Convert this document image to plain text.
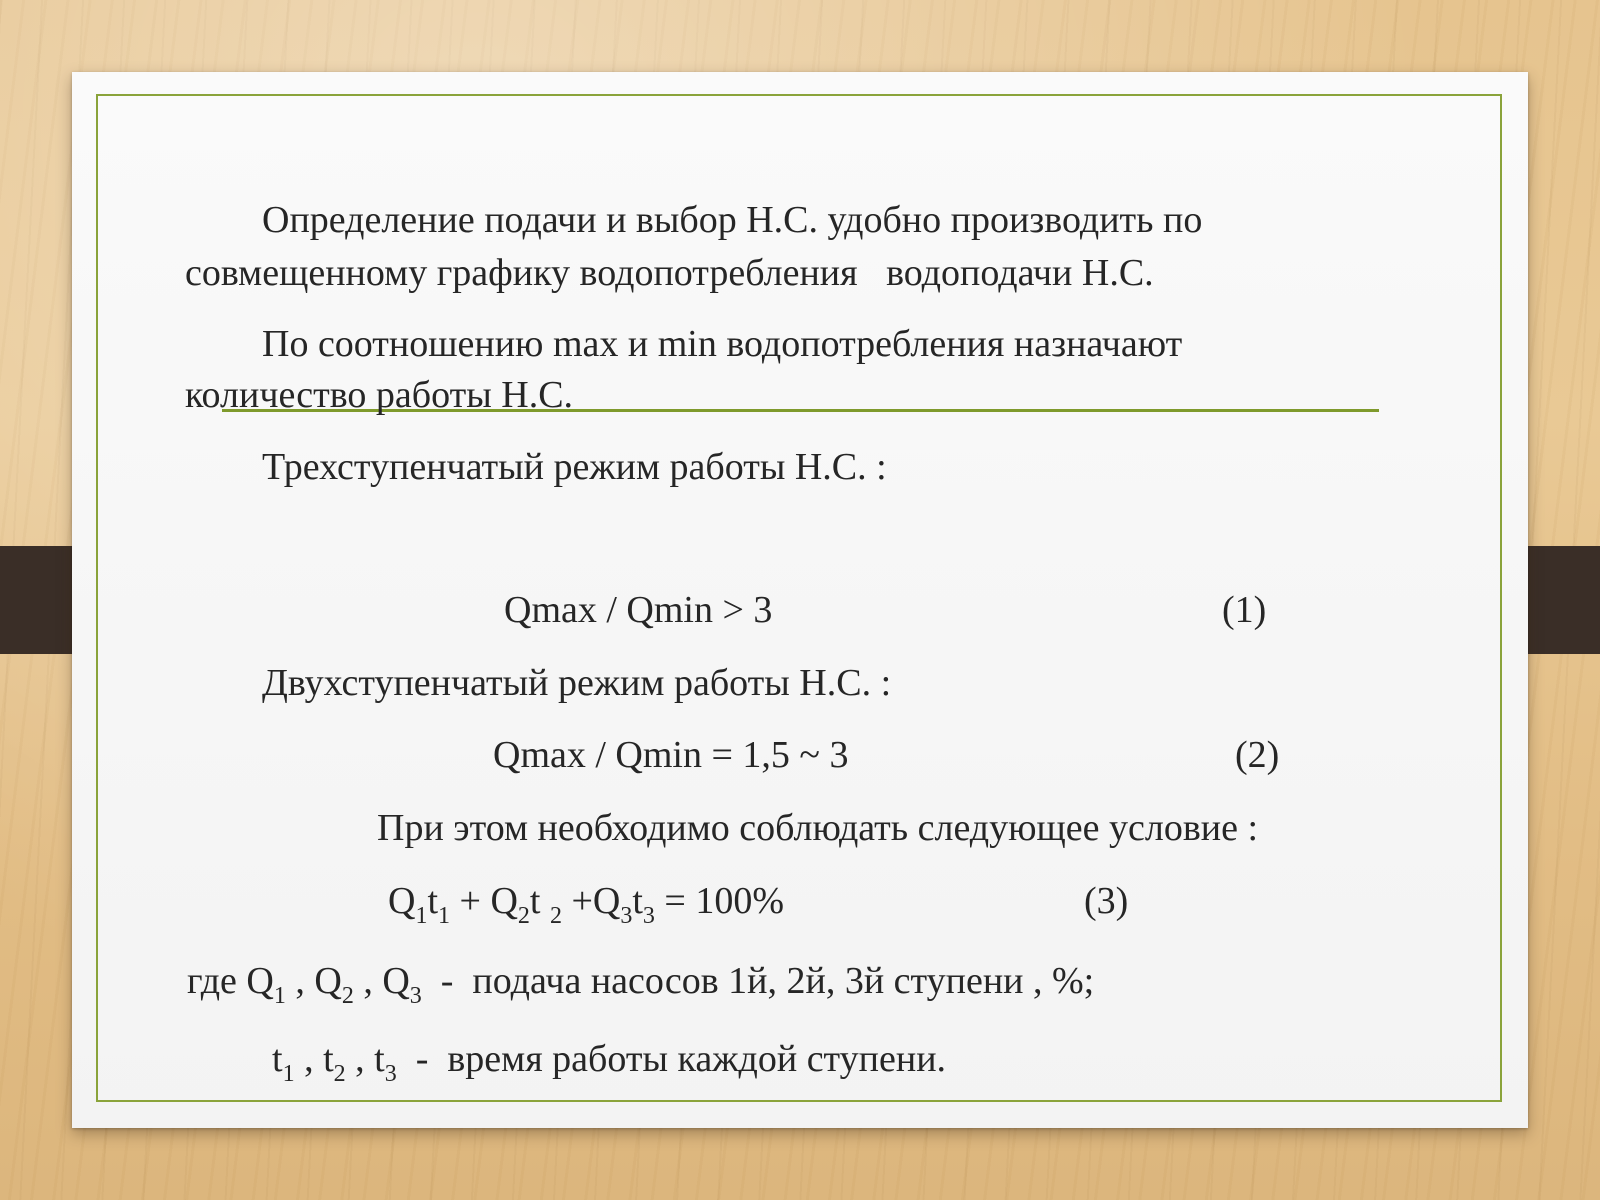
Определение подачи и выбор Н.С. удобно производить по

совмещенному графику водопотребления   водоподачи Н.С.

По соотношению max и min водопотребления назначают

количество работы Н.С.

Трехступенчатый режим работы Н.С. :

Qmax / Qmin > 3	(1)

Двухступенчатый режим работы Н.С. :

Qmax / Qmin = 1,5 ~ 3	(2)

При этом необходимо соблюдать следующее условие :

$Q_1t_1 + Q_2t$ $_2 +Q_3t_3 = 100\%$	(3)

где $Q_1$ , $Q_2$ , $Q_3$ - подача насосов 1й, 2й, 3й ступени , %;

$t_1$ , $t_2$ , $t_3$ - время работы каждой ступени.
